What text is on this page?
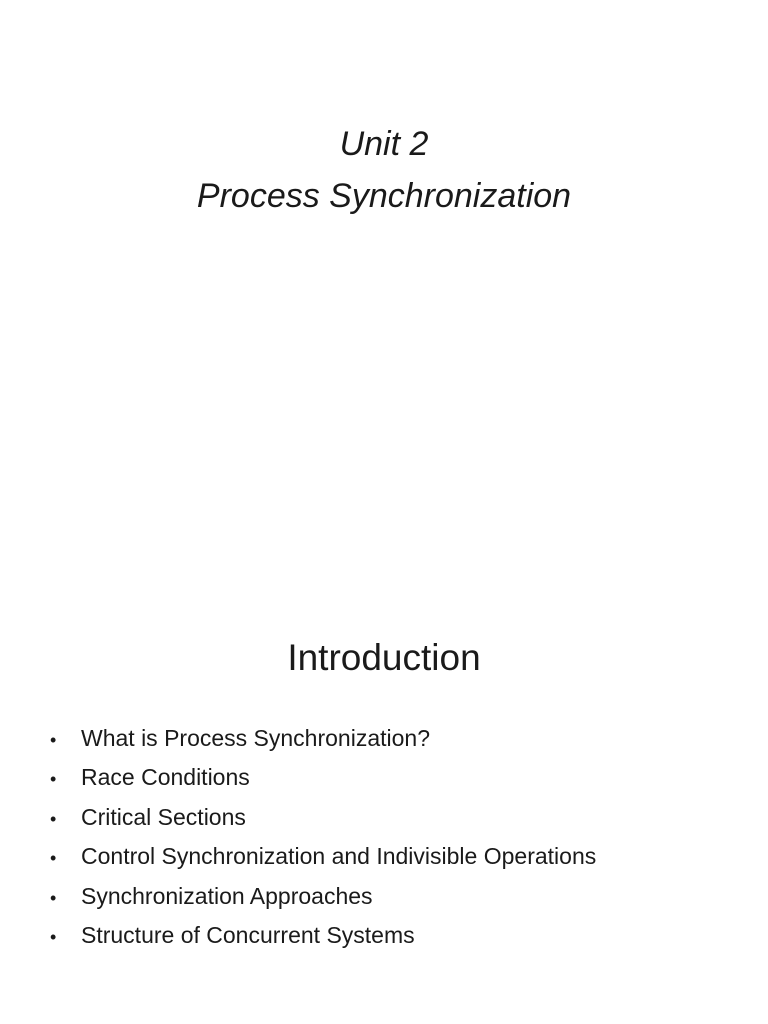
Unit 2

Process Synchronization

Introduction
•	What is Process Synchronization?
•	Race Conditions
•	Critical Sections
•	Control Synchronization and Indivisible Operations
•	Synchronization Approaches
•	Structure of Concurrent Systems
